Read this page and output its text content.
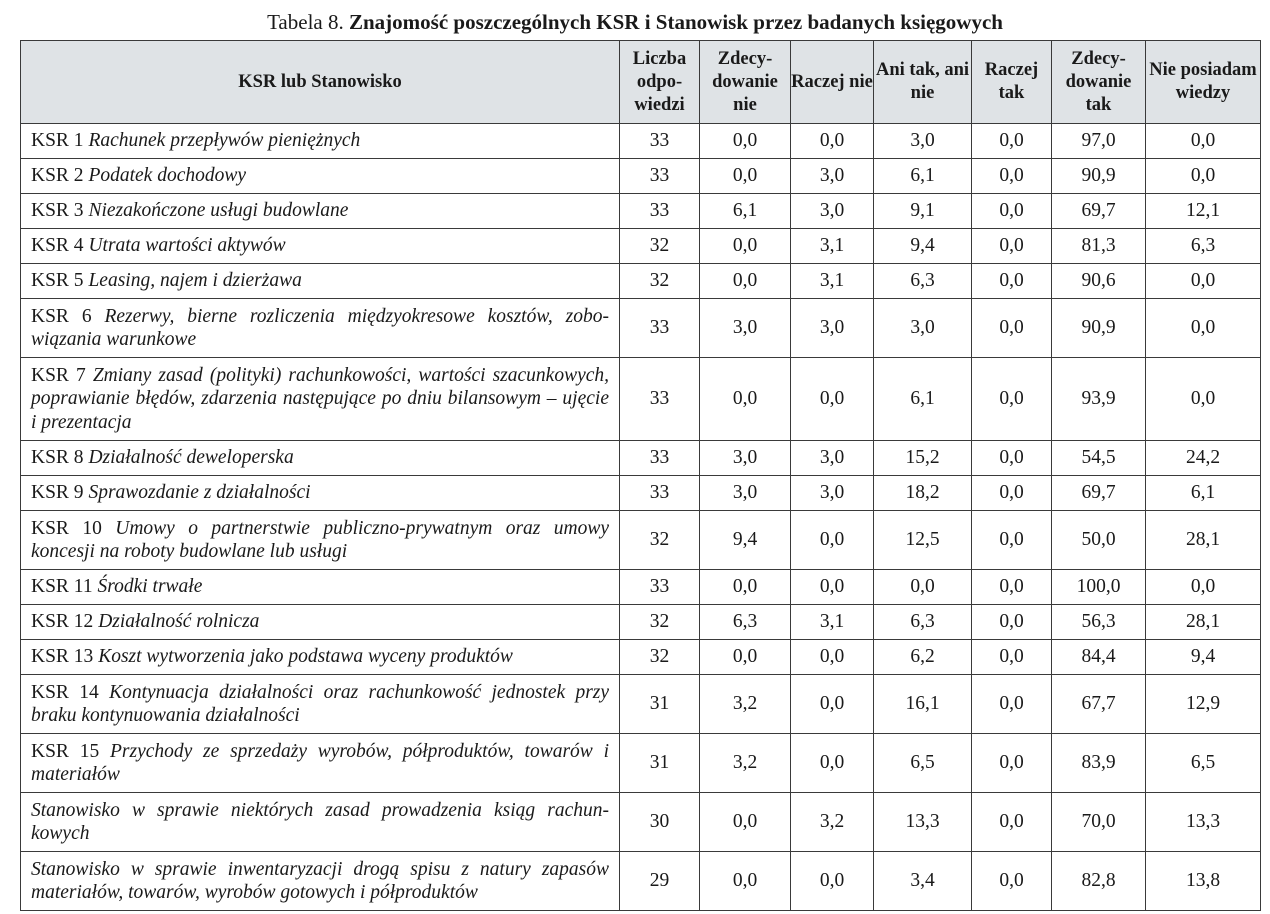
Tabela 8. Znajomość poszczególnych KSR i Stanowisk przez badanych księgowych
KSR lub Stanowisko	Liczba odpo- wiedzi	Zdecy- dowanie nie	Raczej nie	Ani tak, ani nie	Raczej tak	Zdecy- dowanie tak	Nie posiadam wiedzy
KSR 1 Rachunek przepływów pieniężnych	33	0,0	0,0	3,0	0,0	97,0	0,0
KSR 2 Podatek dochodowy	33	0,0	3,0	6,1	0,0	90,9	0,0
KSR 3 Niezakończone usługi budowlane	33	6,1	3,0	9,1	0,0	69,7	12,1
KSR 4 Utrata wartości aktywów	32	0,0	3,1	9,4	0,0	81,3	6,3
KSR 5 Leasing, najem i dzierżawa	32	0,0	3,1	6,3	0,0	90,6	0,0
KSR 6 Rezerwy, bierne rozliczenia międzyokresowe kosztów, zobowiązania warunkowe	33	3,0	3,0	3,0	0,0	90,9	0,0
KSR 7 Zmiany zasad (polityki) rachunkowości, wartości szacunkowych, poprawianie błędów, zdarzenia następujące po dniu bilansowym – ujęcie i prezentacja	33	0,0	0,0	6,1	0,0	93,9	0,0
KSR 8 Działalność deweloperska	33	3,0	3,0	15,2	0,0	54,5	24,2
KSR 9 Sprawozdanie z działalności	33	3,0	3,0	18,2	0,0	69,7	6,1
KSR 10 Umowy o partnerstwie publiczno-prywatnym oraz umowy koncesji na roboty budowlane lub usługi	32	9,4	0,0	12,5	0,0	50,0	28,1
KSR 11 Środki trwałe	33	0,0	0,0	0,0	0,0	100,0	0,0
KSR 12 Działalność rolnicza	32	6,3	3,1	6,3	0,0	56,3	28,1
KSR 13 Koszt wytworzenia jako podstawa wyceny produktów	32	0,0	0,0	6,2	0,0	84,4	9,4
KSR 14 Kontynuacja działalności oraz rachunkowość jednostek przy braku kontynuowania działalności	31	3,2	0,0	16,1	0,0	67,7	12,9
KSR 15 Przychody ze sprzedaży wyrobów, półproduktów, towarów i materiałów	31	3,2	0,0	6,5	0,0	83,9	6,5
Stanowisko w sprawie niektórych zasad prowadzenia ksiąg rachunkowych	30	0,0	3,2	13,3	0,0	70,0	13,3
Stanowisko w sprawie inwentaryzacji drogą spisu z natury zapasów materiałów, towarów, wyrobów gotowych i półproduktów	29	0,0	0,0	3,4	0,0	82,8	13,8
